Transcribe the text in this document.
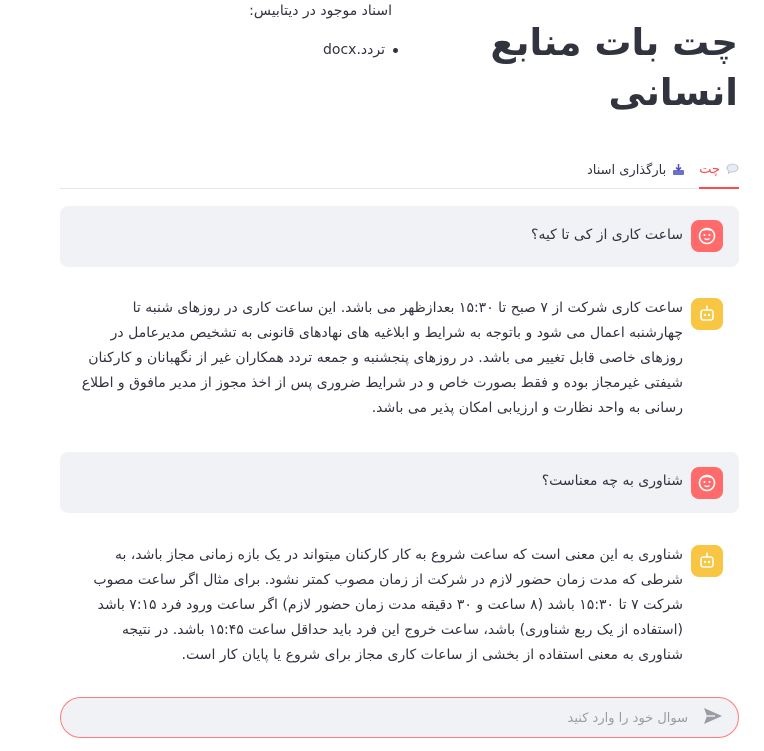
اسناد موجود در دیتابیس:
docx.تردد	چت بات منابع انسانی
چت
بارگذاری اسناد
ساعت کاری از کی تا کیه؟
ساعت کاری شرکت از ۷ صبح تا ۱۵:۳۰ بعدازظهر می باشد. این ساعت کاری در روزهای شنبه تا چهارشنبه اعمال می شود و باتوجه به شرایط و ابلاغیه های نهادهای قانونی به تشخیص مدیرعامل در روزهای خاصی قابل تغییر می باشد. در روزهای پنجشنبه و جمعه تردد همکاران غیر از نگهبانان و کارکنان شیفتی غیرمجاز بوده و فقط بصورت خاص و در شرایط ضروری پس از اخذ مجوز از مدیر مافوق و اطلاع رسانی به واحد نظارت و ارزیابی امکان پذیر می باشد.
شناوری به چه معناست؟
شناوری به این معنی است که ساعت شروع به کار کارکنان میتواند در یک بازه زمانی مجاز باشد، به شرطی که مدت زمان حضور لازم در شرکت از زمان مصوب کمتر نشود. برای مثال اگر ساعت مصوب شرکت ۷ تا ۱۵:۳۰ باشد (۸ ساعت و ۳۰ دقیقه مدت زمان حضور لازم) اگر ساعت ورود فرد ۷:۱۵ باشد (استفاده از یک ربع شناوری) باشد، ساعت خروج این فرد باید حداقل ساعت ۱۵:۴۵ باشد. در نتیجه شناوری به معنی استفاده از بخشی از ساعات کاری مجاز برای شروع یا پایان کار است.
سوال خود را وارد کنید
